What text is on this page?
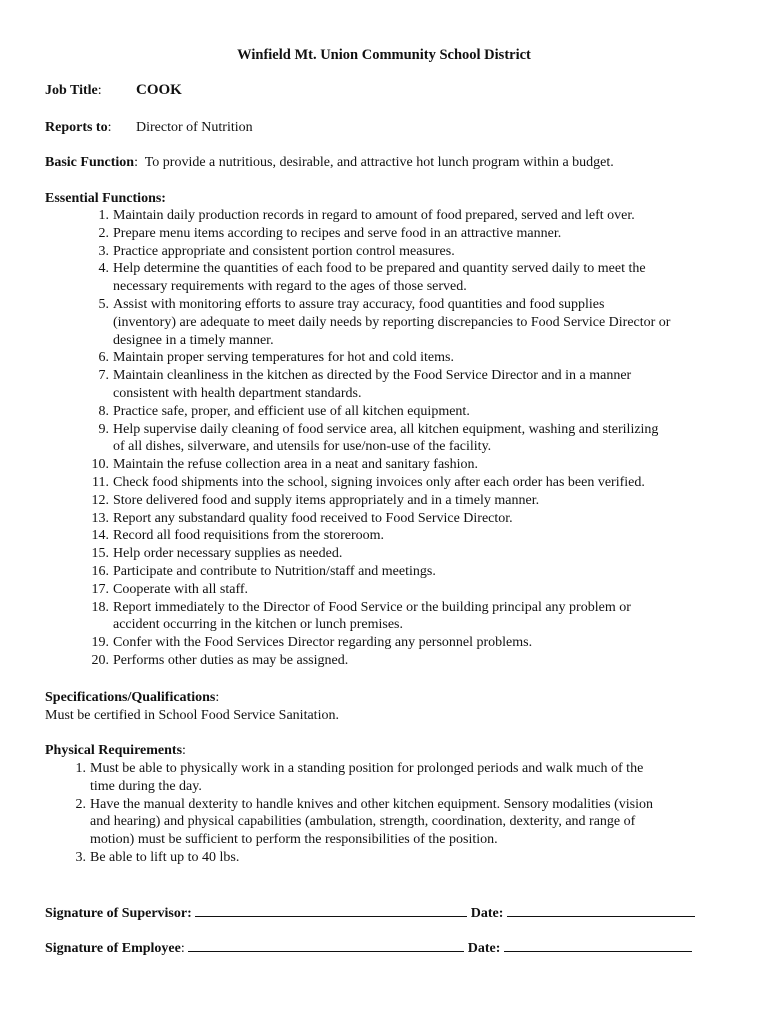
Winfield Mt. Union Community School District
Job Title: COOK
Reports to: Director of Nutrition
Basic Function: To provide a nutritious, desirable, and attractive hot lunch program within a budget.
Essential Functions:
1. Maintain daily production records in regard to amount of food prepared, served and left over.
2. Prepare menu items according to recipes and serve food in an attractive manner.
3. Practice appropriate and consistent portion control measures.
4. Help determine the quantities of each food to be prepared and quantity served daily to meet the
necessary requirements with regard to the ages of those served.
5. Assist with monitoring efforts to assure tray accuracy, food quantities and food supplies
(inventory) are adequate to meet daily needs by reporting discrepancies to Food Service Director or
designee in a timely manner.
6. Maintain proper serving temperatures for hot and cold items.
7. Maintain cleanliness in the kitchen as directed by the Food Service Director and in a manner
consistent with health department standards.
8. Practice safe, proper, and efficient use of all kitchen equipment.
9. Help supervise daily cleaning of food service area, all kitchen equipment, washing and sterilizing
of all dishes, silverware, and utensils for use/non-use of the facility.
10. Maintain the refuse collection area in a neat and sanitary fashion.
11. Check food shipments into the school, signing invoices only after each order has been verified.
12. Store delivered food and supply items appropriately and in a timely manner.
13. Report any substandard quality food received to Food Service Director.
14. Record all food requisitions from the storeroom.
15. Help order necessary supplies as needed.
16. Participate and contribute to Nutrition/staff and meetings.
17. Cooperate with all staff.
18. Report immediately to the Director of Food Service or the building principal any problem or
accident occurring in the kitchen or lunch premises.
19. Confer with the Food Services Director regarding any personnel problems.
20. Performs other duties as may be assigned.
Specifications/Qualifications:
Must be certified in School Food Service Sanitation.
Physical Requirements:
1. Must be able to physically work in a standing position for prolonged periods and walk much of the
time during the day.
2. Have the manual dexterity to handle knives and other kitchen equipment. Sensory modalities (vision
and hearing) and physical capabilities (ambulation, strength, coordination, dexterity, and range of
motion) must be sufficient to perform the responsibilities of the position.
3. Be able to lift up to 40 lbs.
Signature of Supervisor:	Date:
Signature of Employee:	Date:
